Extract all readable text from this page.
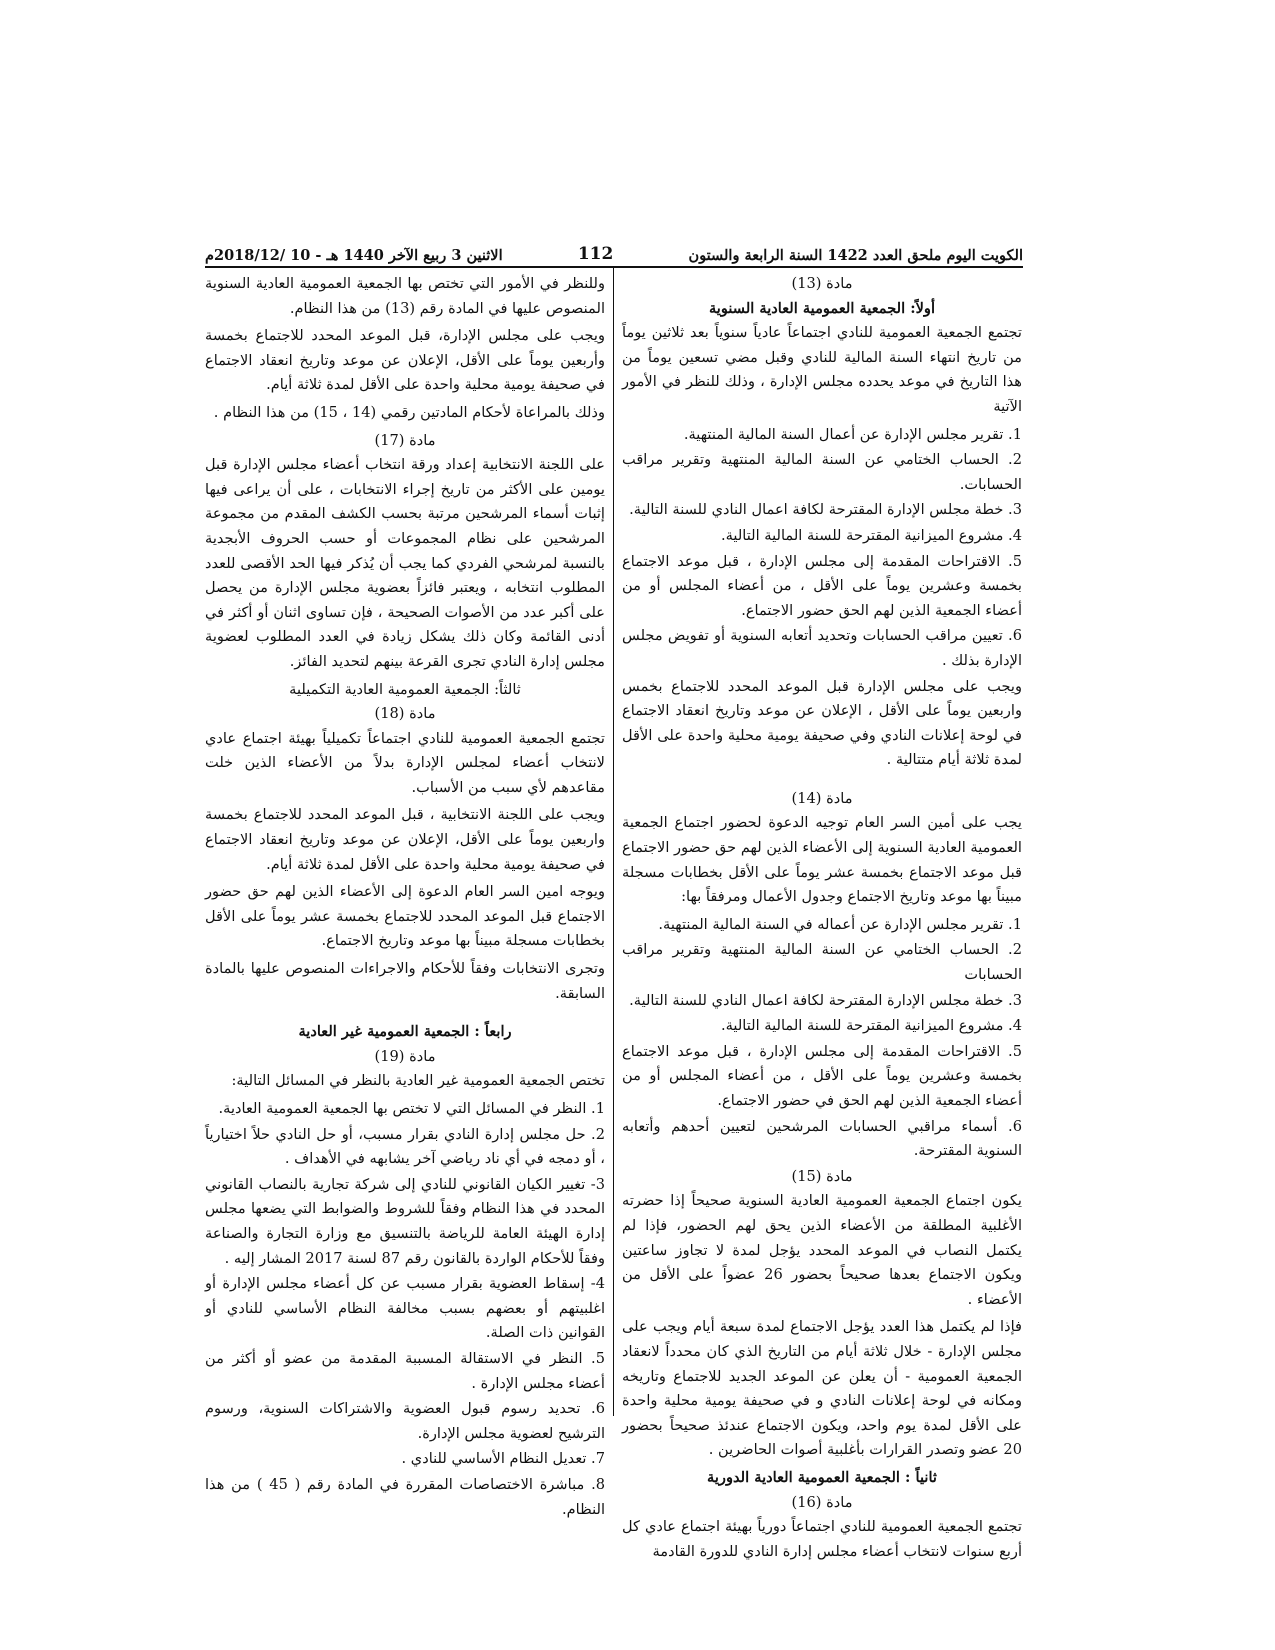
الكويت اليوم ملحق العدد 1422 السنة الرابعة والستون
112
الاثنين 3 ربيع الآخر 1440 هـ - 10 /2018/12م

مادة (13)

أولاً: الجمعية العمومية العادية السنوية

تجتمع الجمعية العمومية للنادي اجتماعاً عادياً سنوياً بعد ثلاثين يوماً من تاريخ انتهاء السنة المالية للنادي وقبل مضي تسعين يوماً من هذا التاريخ في موعد يحدده مجلس الإدارة ، وذلك للنظر في الأمور الآتية

1. تقرير مجلس الإدارة عن أعمال السنة المالية المنتهية.
2. الحساب الختامي عن السنة المالية المنتهية وتقرير مراقب الحسابات.
3. خطة مجلس الإدارة المقترحة لكافة اعمال النادي للسنة التالية.
4. مشروع الميزانية المقترحة للسنة المالية التالية.
5. الاقتراحات المقدمة إلى مجلس الإدارة ، قبل موعد الاجتماع بخمسة وعشرين يوماً على الأقل ، من أعضاء المجلس أو من أعضاء الجمعية الذين لهم الحق حضور الاجتماع.
6. تعيين مراقب الحسابات وتحديد أتعابه السنوية أو تفويض مجلس الإدارة بذلك .

ويجب على مجلس الإدارة قبل الموعد المحدد للاجتماع بخمس واربعين يوماً على الأقل ، الإعلان عن موعد وتاريخ انعقاد الاجتماع في لوحة إعلانات النادي وفي صحيفة يومية محلية واحدة على الأقل لمدة ثلاثة أيام متتالية .

مادة (14)

يجب على أمين السر العام توجيه الدعوة لحضور اجتماع الجمعية العمومية العادية السنوية إلى الأعضاء الذين لهم حق حضور الاجتماع قبل موعد الاجتماع بخمسة عشر يوماً على الأقل بخطابات مسجلة مبيناً بها موعد وتاريخ الاجتماع وجدول الأعمال ومرفقاً بها:

1. تقرير مجلس الإدارة عن أعماله في السنة المالية المنتهية.
2. الحساب الختامي عن السنة المالية المنتهية وتقرير مراقب الحسابات
3. خطة مجلس الإدارة المقترحة لكافة اعمال النادي للسنة التالية.
4. مشروع الميزانية المقترحة للسنة المالية التالية.
5. الاقتراحات المقدمة إلى مجلس الإدارة ، قبل موعد الاجتماع بخمسة وعشرين يوماً على الأقل ، من أعضاء المجلس أو من أعضاء الجمعية الذين لهم الحق في حضور الاجتماع.
6. أسماء مراقبي الحسابات المرشحين لتعيين أحدهم وأتعابه السنوية المقترحة.

مادة (15)

يكون اجتماع الجمعية العمومية العادية السنوية صحيحاً إذا حضرته الأغلبية المطلقة من الأعضاء الذين يحق لهم الحضور، فإذا لم يكتمل النصاب في الموعد المحدد يؤجل لمدة لا تجاوز ساعتين ويكون الاجتماع بعدها صحيحاً بحضور 26 عضواً على الأقل من الأعضاء .

فإذا لم يكتمل هذا العدد يؤجل الاجتماع لمدة سبعة أيام ويجب على مجلس الإدارة - خلال ثلاثة أيام من التاريخ الذي كان محدداً لانعقاد الجمعية العمومية - أن يعلن عن الموعد الجديد للاجتماع وتاريخه ومكانه في لوحة إعلانات النادي و في صحيفة يومية محلية واحدة على الأقل لمدة يوم واحد، ويكون الاجتماع عندئذ صحيحاً بحضور 20 عضو وتصدر القرارات بأغلبية أصوات الحاضرين .

ثانياً : الجمعية العمومية العادية الدورية

مادة (16)

تجتمع الجمعية العمومية للنادي اجتماعاً دورياً بهيئة اجتماع عادي كل أربع سنوات لانتخاب أعضاء مجلس إدارة النادي للدورة القادمة

وللنظر في الأمور التي تختص بها الجمعية العمومية العادية السنوية المنصوص عليها في المادة رقم (13) من هذا النظام.

ويجب على مجلس الإدارة، قبل الموعد المحدد للاجتماع بخمسة وأربعين يوماً على الأقل، الإعلان عن موعد وتاريخ انعقاد الاجتماع في صحيفة يومية محلية واحدة على الأقل لمدة ثلاثة أيام.

وذلك بالمراعاة لأحكام المادتين رقمي (14 ، 15) من هذا النظام .

مادة (17)

على اللجنة الانتخابية إعداد ورقة انتخاب أعضاء مجلس الإدارة قبل يومين على الأكثر من تاريخ إجراء الانتخابات ، على أن يراعى فيها إثبات أسماء المرشحين مرتبة بحسب الكشف المقدم من مجموعة المرشحين على نظام المجموعات أو حسب الحروف الأبجدية بالنسبة لمرشحي الفردي كما يجب أن يُذكر فيها الحد الأقصى للعدد المطلوب انتخابه ، ويعتبر فائزاً بعضوية مجلس الإدارة من يحصل على أكبر عدد من الأصوات الصحيحة ، فإن تساوى اثنان أو أكثر في أدنى القائمة وكان ذلك يشكل زيادة في العدد المطلوب لعضوية مجلس إدارة النادي تجرى القرعة بينهم لتحديد الفائز.

ثالثاً: الجمعية العمومية العادية التكميلية

مادة (18)

تجتمع الجمعية العمومية للنادي اجتماعاً تكميلياً بهيئة اجتماع عادي لانتخاب أعضاء لمجلس الإدارة بدلاً من الأعضاء الذين خلت مقاعدهم لأي سبب من الأسباب.

ويجب على اللجنة الانتخابية ، قبل الموعد المحدد للاجتماع بخمسة واربعين يوماً على الأقل، الإعلان عن موعد وتاريخ انعقاد الاجتماع في صحيفة يومية محلية واحدة على الأقل لمدة ثلاثة أيام.

ويوجه امين السر العام الدعوة إلى الأعضاء الذين لهم حق حضور الاجتماع قبل الموعد المحدد للاجتماع بخمسة عشر يوماً على الأقل بخطابات مسجلة مبيناً بها موعد وتاريخ الاجتماع.

وتجرى الانتخابات وفقاً للأحكام والاجراءات المنصوص عليها بالمادة السابقة.

رابعاً : الجمعية العمومية غير العادية

مادة (19)

تختص الجمعية العمومية غير العادية بالنظر في المسائل التالية:

1. النظر في المسائل التي لا تختص بها الجمعية العمومية العادية.
2. حل مجلس إدارة النادي بقرار مسبب، أو حل النادي حلاً اختيارياً ، أو دمجه في أي ناد رياضي آخر يشابهه في الأهداف .
3- تغيير الكيان القانوني للنادي إلى شركة تجارية بالنصاب القانوني المحدد في هذا النظام وفقاً للشروط والضوابط التي يضعها مجلس إدارة الهيئة العامة للرياضة بالتنسيق مع وزارة التجارة والصناعة وفقاً للأحكام الواردة بالقانون رقم 87 لسنة 2017 المشار إليه .
4- إسقاط العضوية بقرار مسبب عن كل أعضاء مجلس الإدارة أو اغلبيتهم أو بعضهم بسبب مخالفة النظام الأساسي للنادي أو القوانين ذات الصلة.
5. النظر في الاستقالة المسببة المقدمة من عضو أو أكثر من أعضاء مجلس الإدارة .
6. تحديد رسوم قبول العضوية والاشتراكات السنوية، ورسوم الترشيح لعضوية مجلس الإدارة.
7. تعديل النظام الأساسي للنادي .
8. مباشرة الاختصاصات المقررة في المادة رقم ( 45 ) من هذا النظام.
